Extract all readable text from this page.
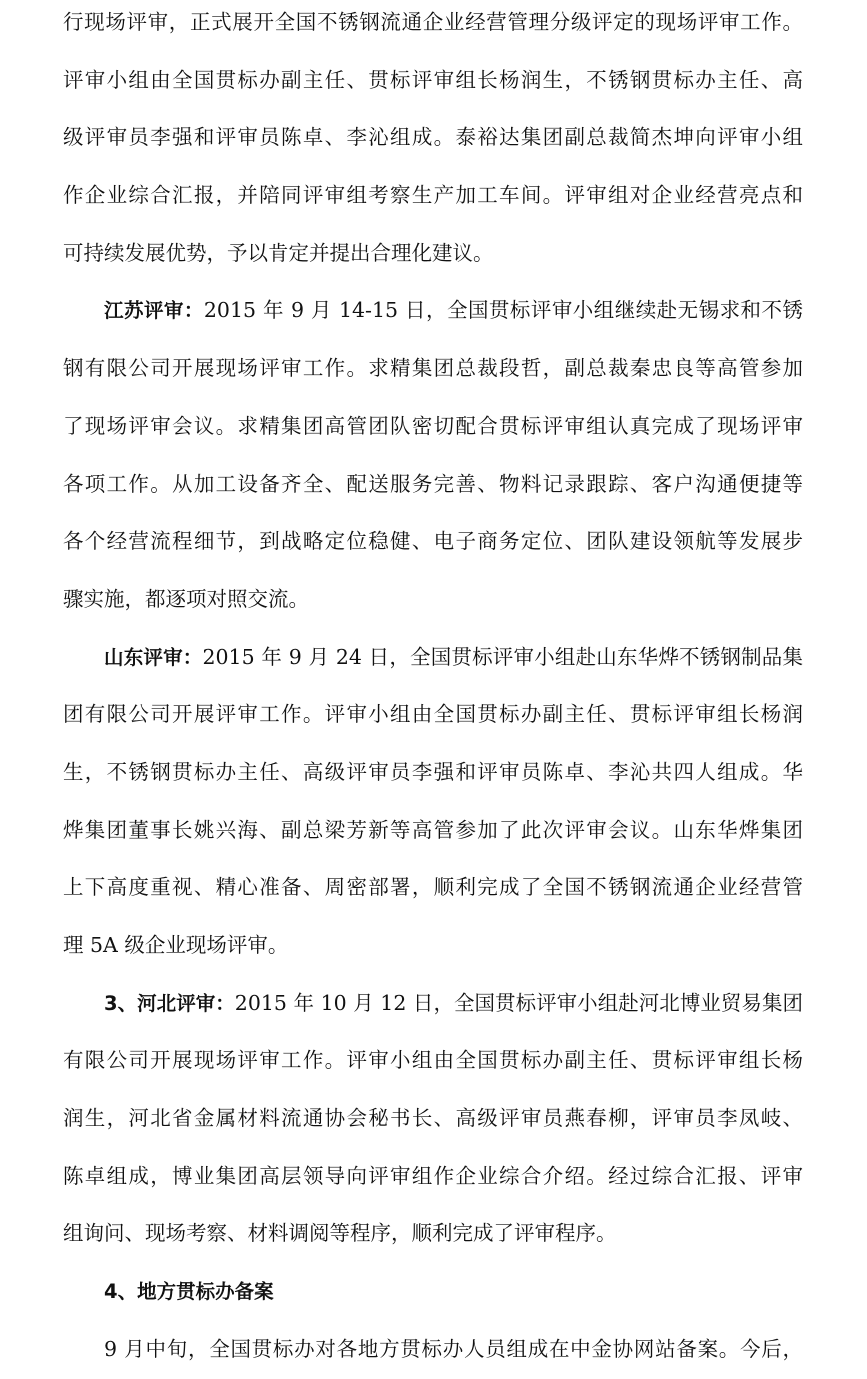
行现场评审，正式展开全国不锈钢流通企业经营管理分级评定的现场评审工作。
评审小组由全国贯标办副主任、贯标评审组长杨润生，不锈钢贯标办主任、高
级评审员李强和评审员陈卓、李沁组成。泰裕达集团副总裁简杰坤向评审小组
作企业综合汇报，并陪同评审组考察生产加工车间。评审组对企业经营亮点和
可持续发展优势，予以肯定并提出合理化建议。
江苏评审：2015 年 9 月 14-15 日，全国贯标评审小组继续赴无锡求和不锈
钢有限公司开展现场评审工作。求精集团总裁段哲，副总裁秦忠良等高管参加
了现场评审会议。求精集团高管团队密切配合贯标评审组认真完成了现场评审
各项工作。从加工设备齐全、配送服务完善、物料记录跟踪、客户沟通便捷等
各个经营流程细节，到战略定位稳健、电子商务定位、团队建设领航等发展步
骤实施，都逐项对照交流。
山东评审：2015 年 9 月 24 日，全国贯标评审小组赴山东华烨不锈钢制品集
团有限公司开展评审工作。评审小组由全国贯标办副主任、贯标评审组长杨润
生，不锈钢贯标办主任、高级评审员李强和评审员陈卓、李沁共四人组成。华
烨集团董事长姚兴海、副总梁芳新等高管参加了此次评审会议。山东华烨集团
上下高度重视、精心准备、周密部署，顺利完成了全国不锈钢流通企业经营管
理 5A 级企业现场评审。
3、河北评审：2015 年 10 月 12 日，全国贯标评审小组赴河北博业贸易集团
有限公司开展现场评审工作。评审小组由全国贯标办副主任、贯标评审组长杨
润生，河北省金属材料流通协会秘书长、高级评审员燕春柳，评审员李凤岐、
陈卓组成，博业集团高层领导向评审组作企业综合介绍。经过综合汇报、评审
组询问、现场考察、材料调阅等程序，顺利完成了评审程序。
4、地方贯标办备案
9 月中旬，全国贯标办对各地方贯标办人员组成在中金协网站备案。今后，
